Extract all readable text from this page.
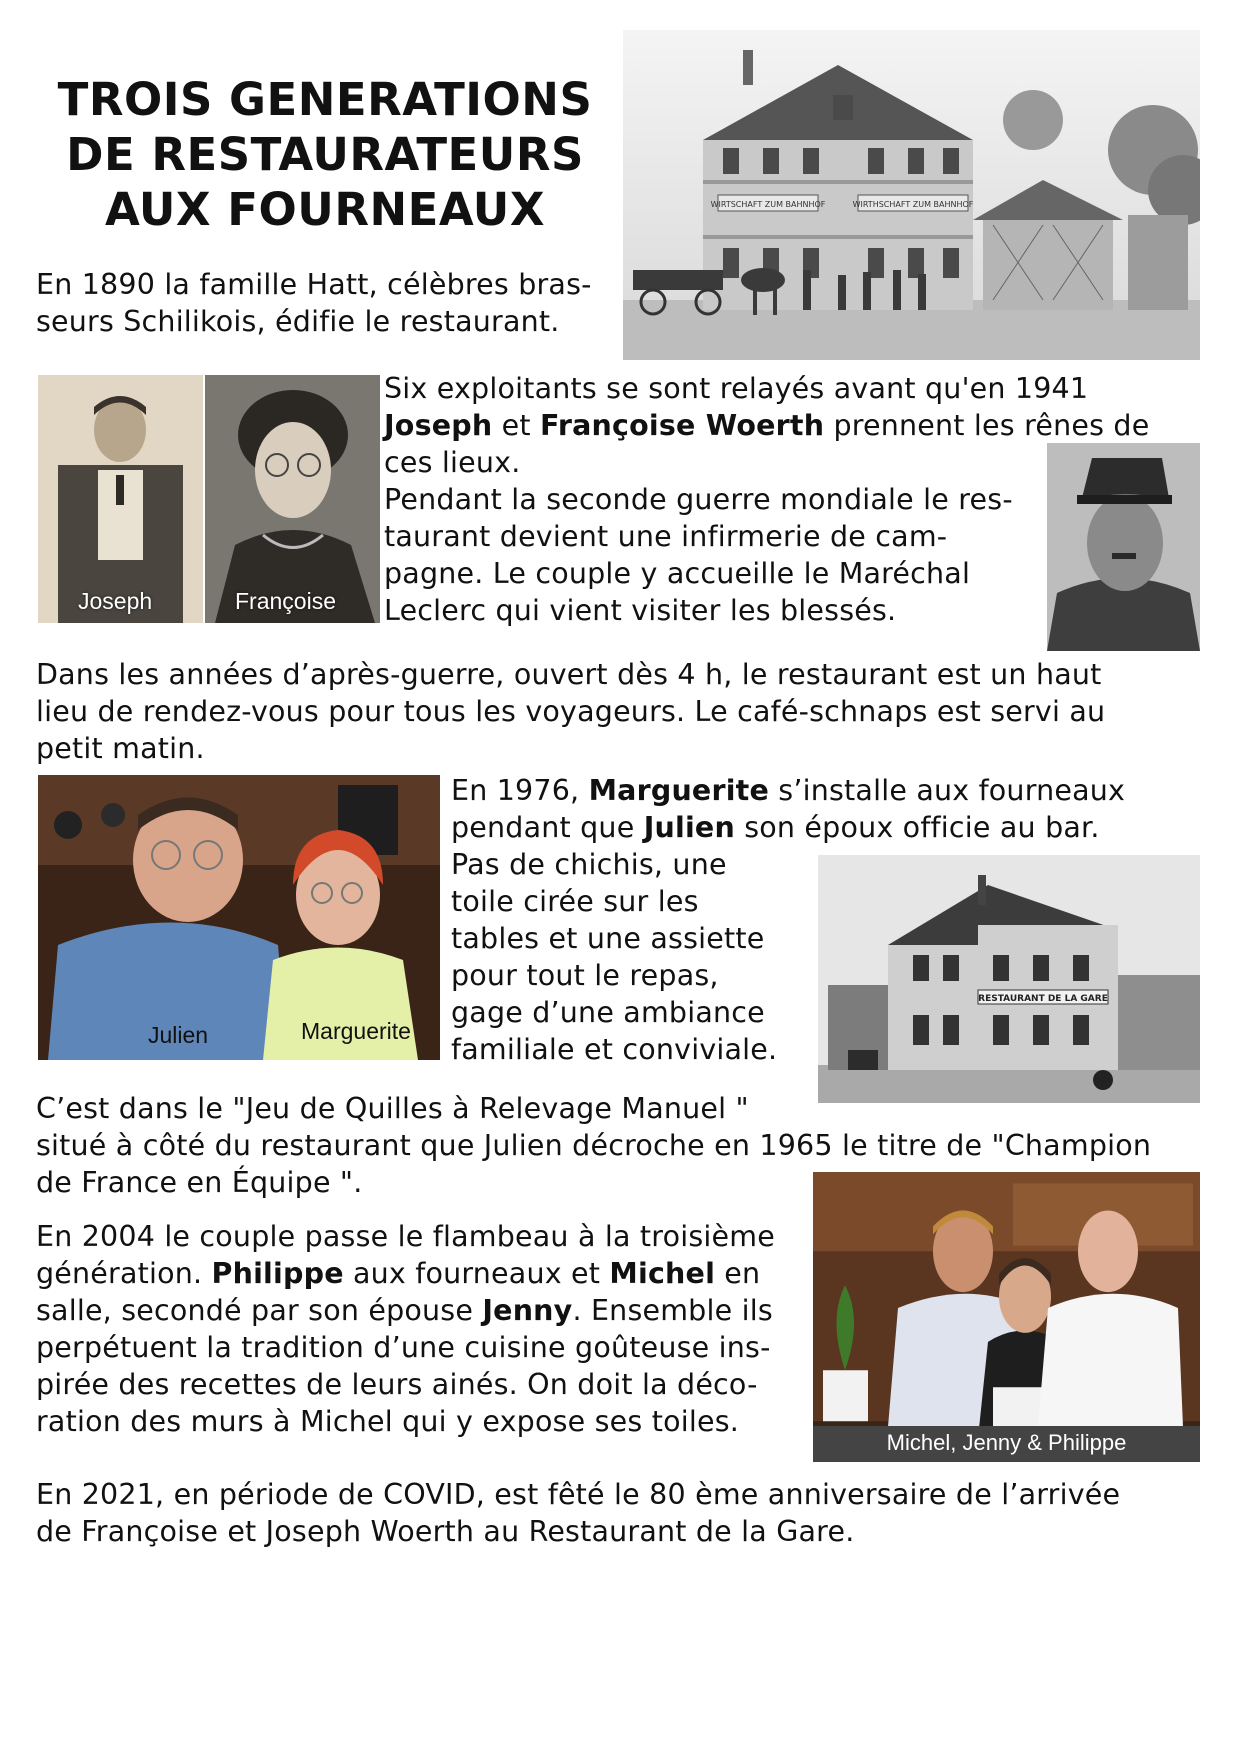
TROIS GENERATIONS
DE RESTAURATEURS
AUX FOURNEAUX	WIRTSCHAFT ZUM BAHNHOF	WIRTHSCHAFT ZUM BAHNHOF
En 1890 la famille Hatt, célèbres bras-
seurs Schilikois, édifie le restaurant.
Joseph	Françoise
Six exploitants se sont relayés avant qu'en 1941
Joseph et Françoise Woerth prennent les rênes de
ces lieux.
Pendant la seconde guerre mondiale le res-
taurant devient une infirmerie de cam-
pagne. Le couple y accueille le Maréchal
Leclerc qui vient visiter les blessés.
Dans les années d’après-guerre, ouvert dès 4 h, le restaurant est un haut
lieu de rendez-vous pour tous les voyageurs. Le café-schnaps est servi au
petit matin.
Julien	Marguerite
En 1976, Marguerite s’installe aux fourneaux
pendant que Julien son époux officie au bar.
Pas de chichis, une
toile cirée sur les
tables et une assiette
pour tout le repas,
gage d’une ambiance
familiale et conviviale.
RESTAURANT DE LA GARE
C’est dans le "Jeu de Quilles à Relevage Manuel "
situé à côté du restaurant que Julien décroche en 1965 le titre de "Champion
de France en Équipe ".
Michel, Jenny & Philippe
En 2004 le couple passe le flambeau à la troisième
génération. Philippe aux fourneaux et Michel en
salle, secondé par son épouse Jenny. Ensemble ils
perpétuent la tradition d’une cuisine goûteuse ins-
pirée des recettes de leurs ainés. On doit la déco-
ration des murs à Michel qui y expose ses toiles.
En 2021, en période de COVID, est fêté le 80 ème anniversaire de l’arrivée
de Françoise et Joseph Woerth au Restaurant de la Gare.
